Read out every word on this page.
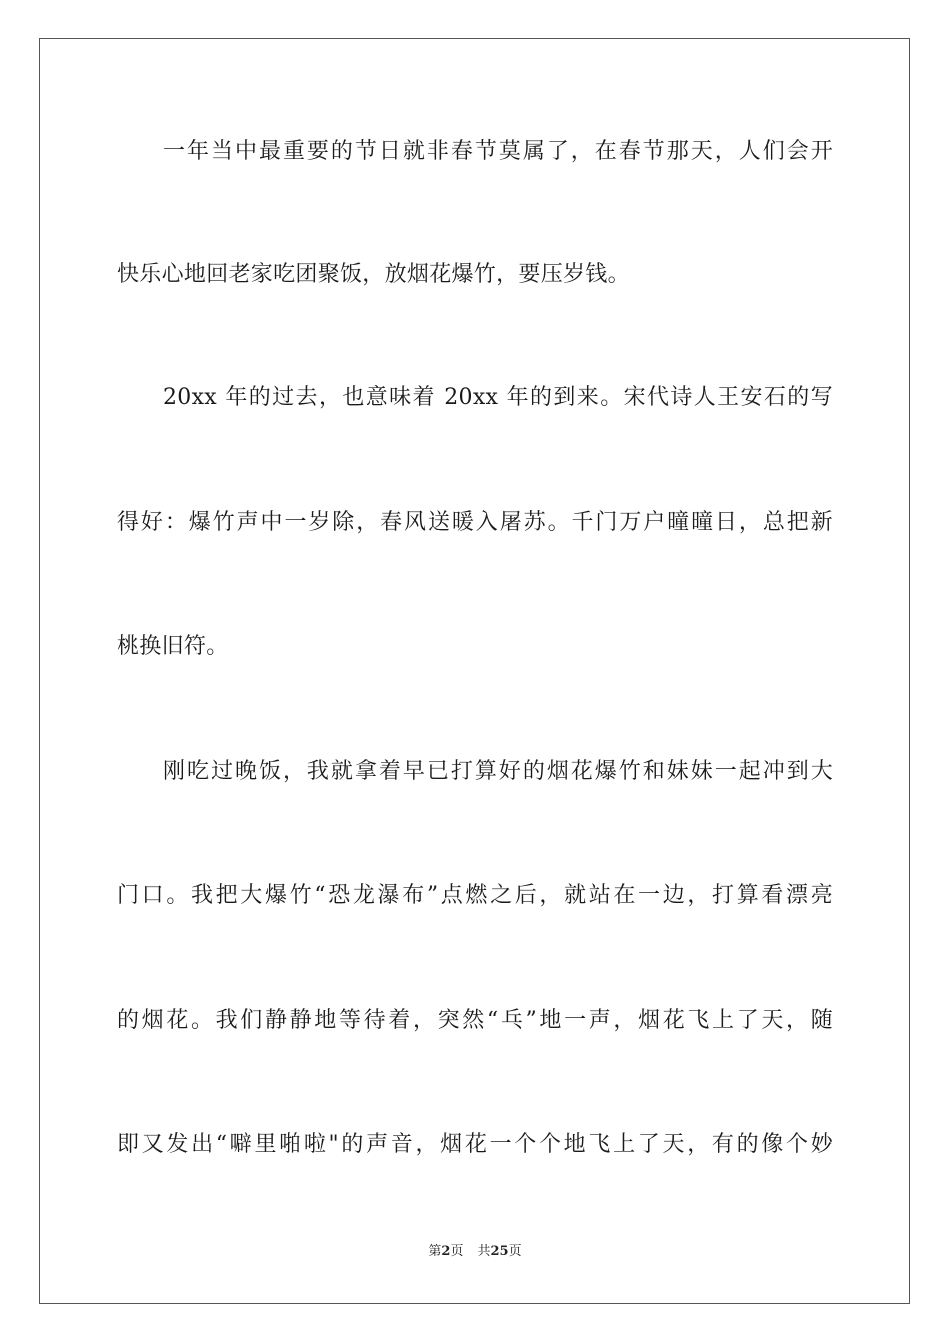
一年当中最重要的节日就非春节莫属了，在春节那天，人们会开
快乐心地回老家吃团聚饭，放烟花爆竹，要压岁钱。
20xx 年的过去，也意味着 20xx 年的到来。宋代诗人王安石的写
得好：爆竹声中一岁除，春风送暖入屠苏。千门万户曈曈日，总把新
桃换旧符。
刚吃过晚饭，我就拿着早已打算好的烟花爆竹和妹妹一起冲到大
门口。我把大爆竹“恐龙瀑布”点燃之后，就站在一边，打算看漂亮
的烟花。我们静静地等待着，突然“乓”地一声，烟花飞上了天，随
即又发出“噼里啪啦"的声音，烟花一个个地飞上了天，有的像个妙
第2页 共25页
